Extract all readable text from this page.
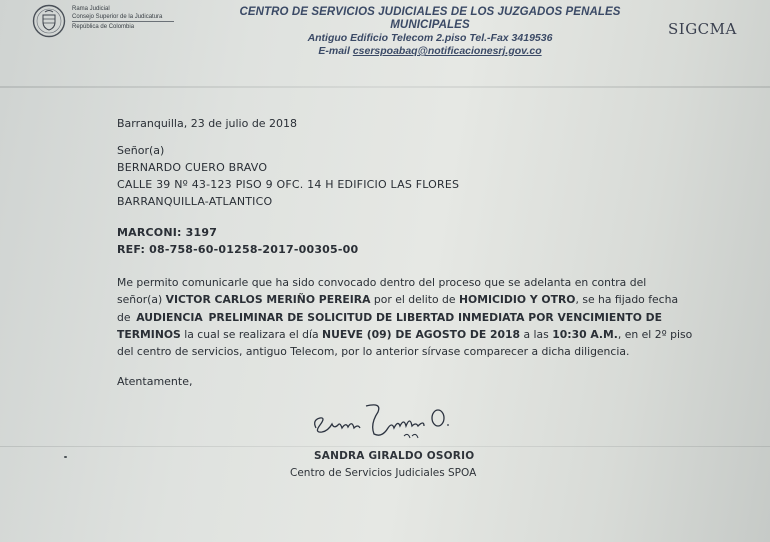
Rama Judicial
Consejo Superior de la Judicatura
República de Colombia
CENTRO DE SERVICIOS JUDICIALES DE LOS JUZGADOS PENALES MUNICIPALES
Antiguo Edificio Telecom 2.piso Tel.-Fax 3419536
E-mail cserspoabaq@notificacionesrj.gov.co
SIGCMA
Barranquilla, 23 de julio de 2018
Señor(a)
BERNARDO CUERO BRAVO
CALLE 39 Nº 43-123 PISO 9 OFC. 14 H EDIFICIO LAS FLORES
BARRANQUILLA-ATLANTICO
MARCONI: 3197
REF: 08-758-60-01258-2017-00305-00

Me permito comunicarle que ha sido convocado dentro del proceso que se adelanta en contra del

señor(a) VICTOR CARLOS MERIÑO PEREIRA por el delito de HOMICIDIO Y OTRO, se ha fijado fecha

de AUDIENCIA PRELIMINAR DE SOLICITUD DE LIBERTAD INMEDIATA POR VENCIMIENTO DE

TERMINOS la cual se realizara el día NUEVE (09) DE AGOSTO DE 2018 a las 10:30 A.M., en el 2º piso

del centro de servicios, antiguo Telecom, por lo anterior sírvase comparecer a dicha diligencia.

Atentamente,
SANDRA GIRALDO OSORIO
Centro de Servicios Judiciales SPOA
